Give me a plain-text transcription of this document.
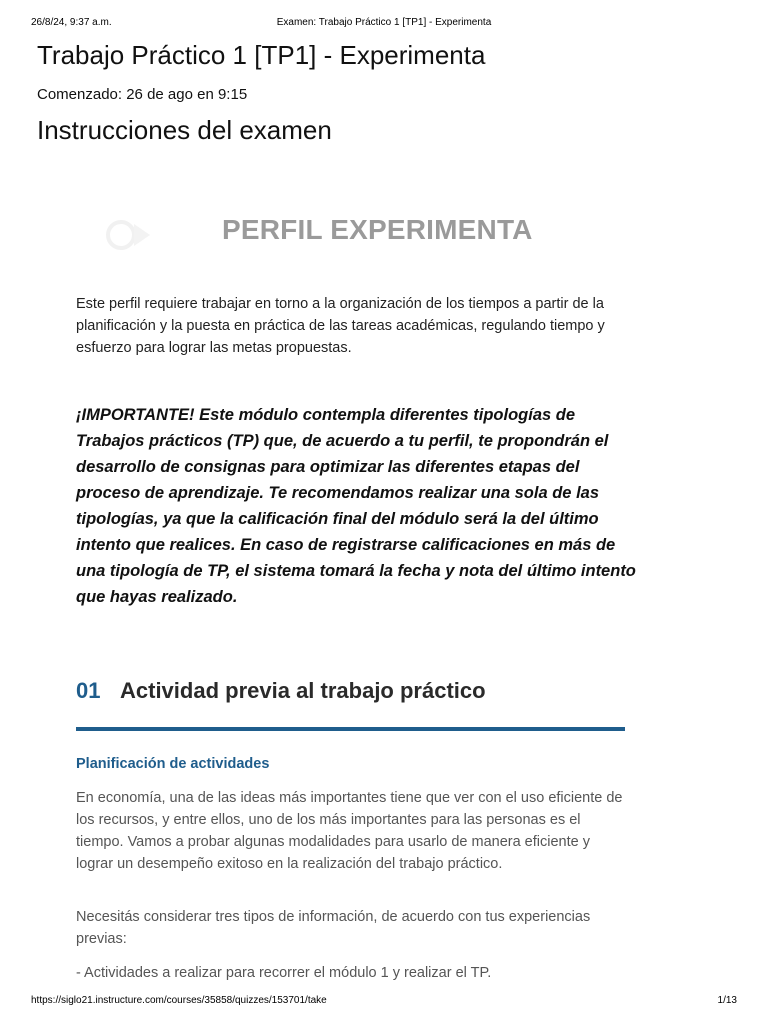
26/8/24, 9:37 a.m.	Examen: Trabajo Práctico 1 [TP1] - Experimenta
Trabajo Práctico 1 [TP1] - Experimenta
Comenzado: 26 de ago en 9:15
Instrucciones del examen
PERFIL EXPERIMENTA

Este perfil requiere trabajar en torno a la organización de los tiempos a partir de la planificación y la puesta en práctica de las tareas académicas, regulando tiempo y esfuerzo para lograr las metas propuestas.

¡IMPORTANTE! Este módulo contempla diferentes tipologías de Trabajos prácticos (TP) que, de acuerdo a tu perfil, te propondrán el desarrollo de consignas para optimizar las diferentes etapas del proceso de aprendizaje. Te recomendamos realizar una sola de las tipologías, ya que la calificación final del módulo será la del último intento que realices. En caso de registrarse calificaciones en más de una tipología de TP, el sistema tomará la fecha y nota del último intento que hayas realizado.

01 Actividad previa al trabajo práctico
Planificación de actividades

En economía, una de las ideas más importantes tiene que ver con el uso eficiente de los recursos, y entre ellos, uno de los más importantes para las personas es el tiempo. Vamos a probar algunas modalidades para usarlo de manera eficiente y lograr un desempeño exitoso en la realización del trabajo práctico.

Necesitás considerar tres tipos de información, de acuerdo con tus experiencias previas:

- Actividades a realizar para recorrer el módulo 1 y realizar el TP.

https://siglo21.instructure.com/courses/35858/quizzes/153701/take	1/13
